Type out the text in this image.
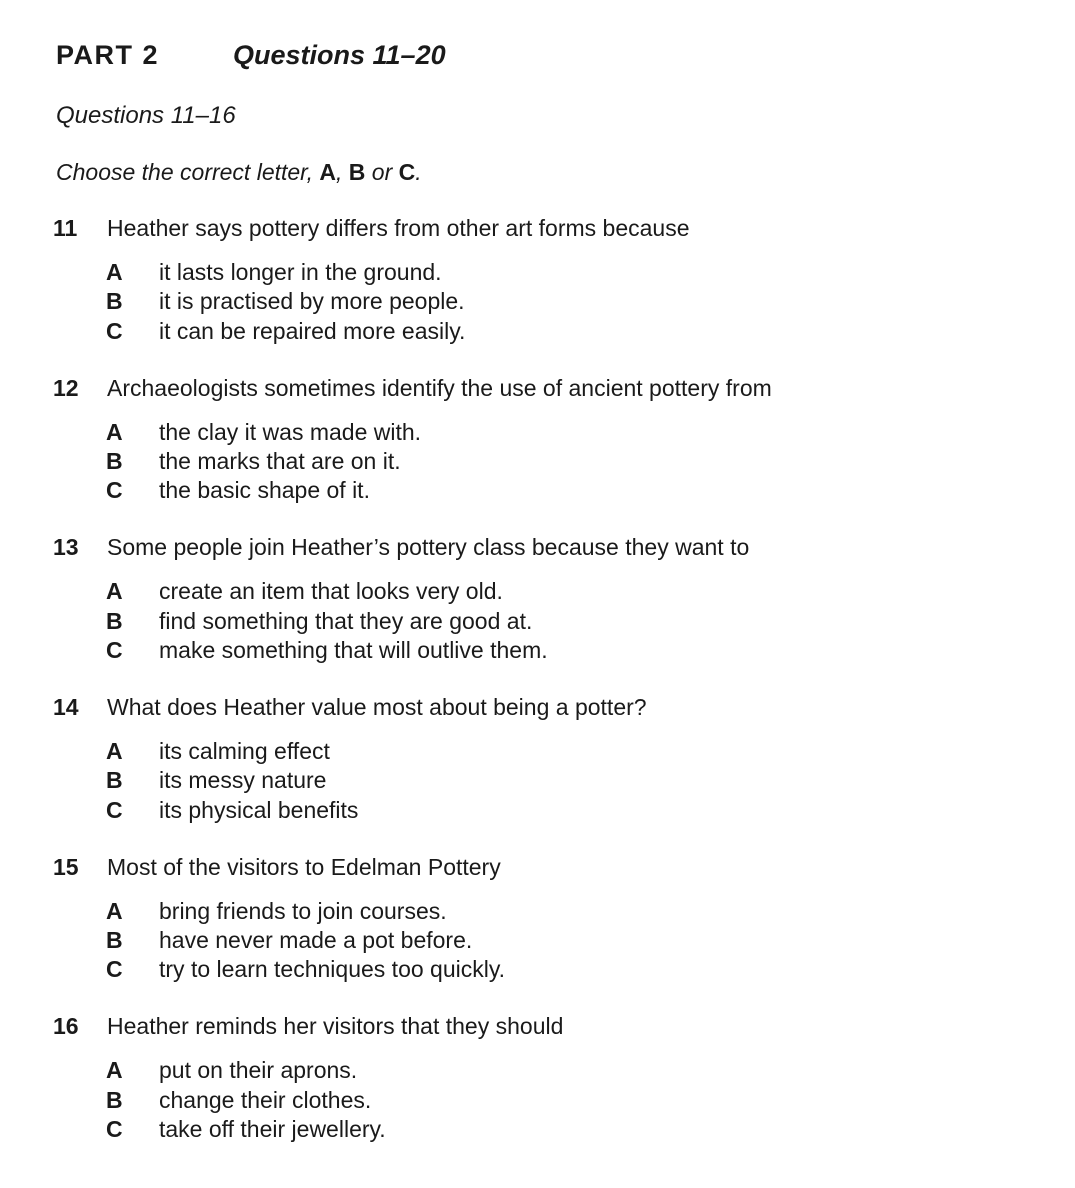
PART 2	Questions 11–20
Questions 11–16
Choose the correct letter, A, B or C.
11	Heather says pottery differs from other art forms because
A	it lasts longer in the ground.
B	it is practised by more people.
C	it can be repaired more easily.
12	Archaeologists sometimes identify the use of ancient pottery from
A	the clay it was made with.
B	the marks that are on it.
C	the basic shape of it.
13	Some people join Heather’s pottery class because they want to
A	create an item that looks very old.
B	find something that they are good at.
C	make something that will outlive them.
14	What does Heather value most about being a potter?
A	its calming effect
B	its messy nature
C	its physical benefits
15	Most of the visitors to Edelman Pottery
A	bring friends to join courses.
B	have never made a pot before.
C	try to learn techniques too quickly.
16	Heather reminds her visitors that they should
A	put on their aprons.
B	change their clothes.
C	take off their jewellery.
